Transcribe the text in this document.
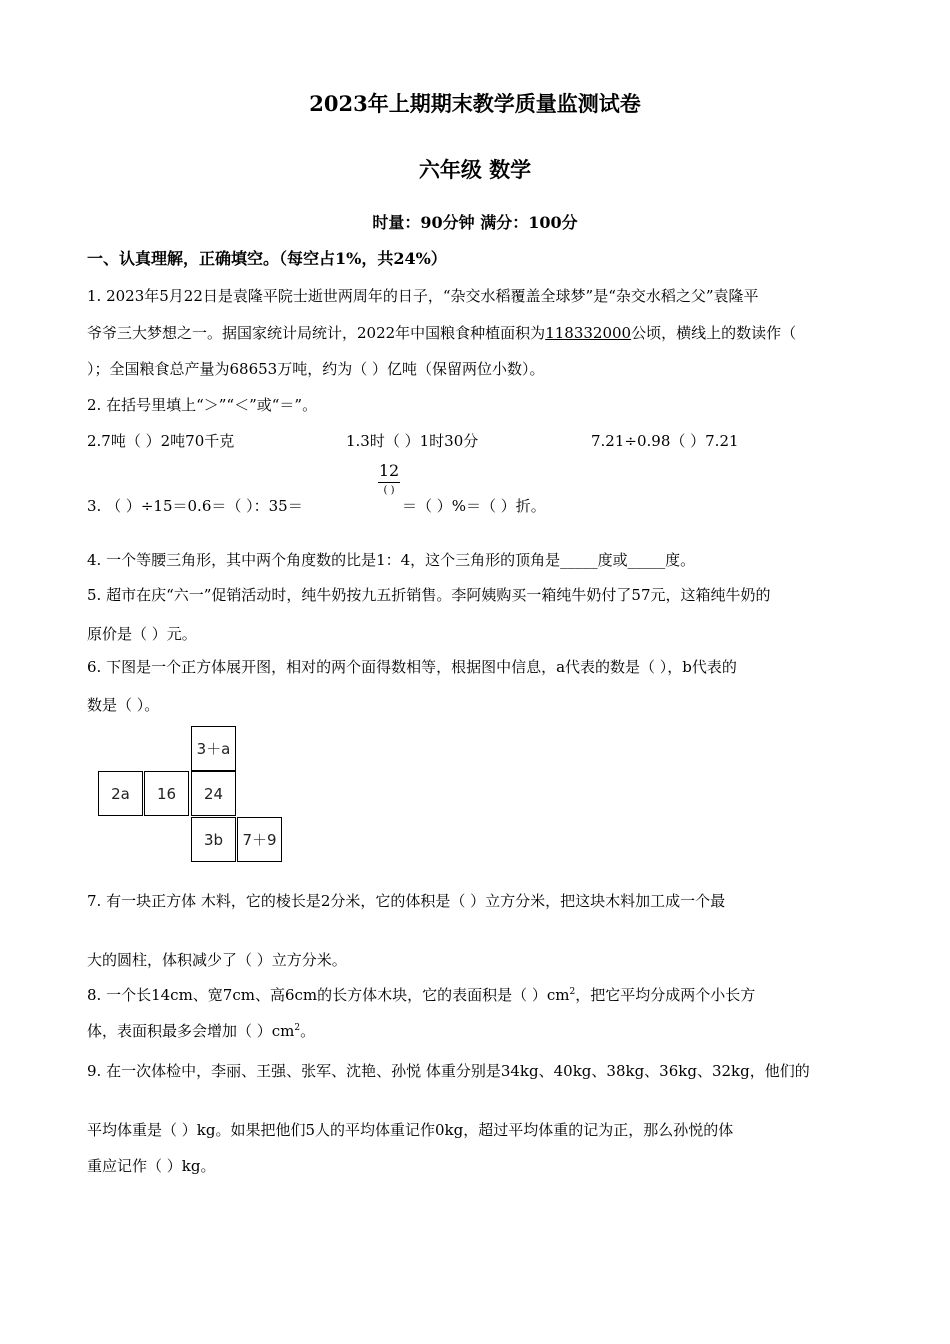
2023年上期期末教学质量监测试卷
六年级 数学
时量：90分钟 满分：100分
一、认真理解，正确填空。（每空占1%，共24%）
1. 2023年5月22日是袁隆平院士逝世两周年的日子，“杂交水稻覆盖全球梦”是“杂交水稻之父”袁隆平
爷爷三大梦想之一。据国家统计局统计，2022年中国粮食种植面积为118332000公顷，横线上的数读作（
）；全国粮食总产量为68653万吨，约为（ ）亿吨（保留两位小数）。
2. 在括号里填上“＞”“＜”或“＝”。
2.7吨（ ）2吨70千克	1.3时（ ）1时30分	7.21÷0.98（ ）7.21
3. （ ）÷15＝0.6＝（ ）：35＝
12
( )
＝（ ）%＝（ ）折。
4. 一个等腰三角形，其中两个角度数的比是1：4，这个三角形的顶角是_____度或_____度。
5. 超市在庆“六一”促销活动时，纯牛奶按九五折销售。李阿姨购买一箱纯牛奶付了57元，这箱纯牛奶的
原价是（ ）元。
6. 下图是一个正方体展开图，相对的两个面得数相等，根据图中信息，a代表的数是（ ），b代表的
数是（ ）。
3＋a
2a	16	24
3b	7＋9
7. 有一块正方体 木料，它的棱长是2分米，它的体积是（ ）立方分米，把这块木料加工成一个最
大的圆柱，体积减少了（ ）立方分米。
8. 一个长14cm、宽7cm、高6cm的长方体木块，它的表面积是（ ）$cm^2$，把它平均分成两个小长方
体，表面积最多会增加（ ）$cm^2$。
9. 在一次体检中，李丽、王强、张军、沈艳、孙悦 体重分别是34kg、40kg、38kg、36kg、32kg，他们的
平均体重是（ ）kg。如果把他们5人的平均体重记作0kg，超过平均体重的记为正，那么孙悦的体
重应记作（ ）kg。
